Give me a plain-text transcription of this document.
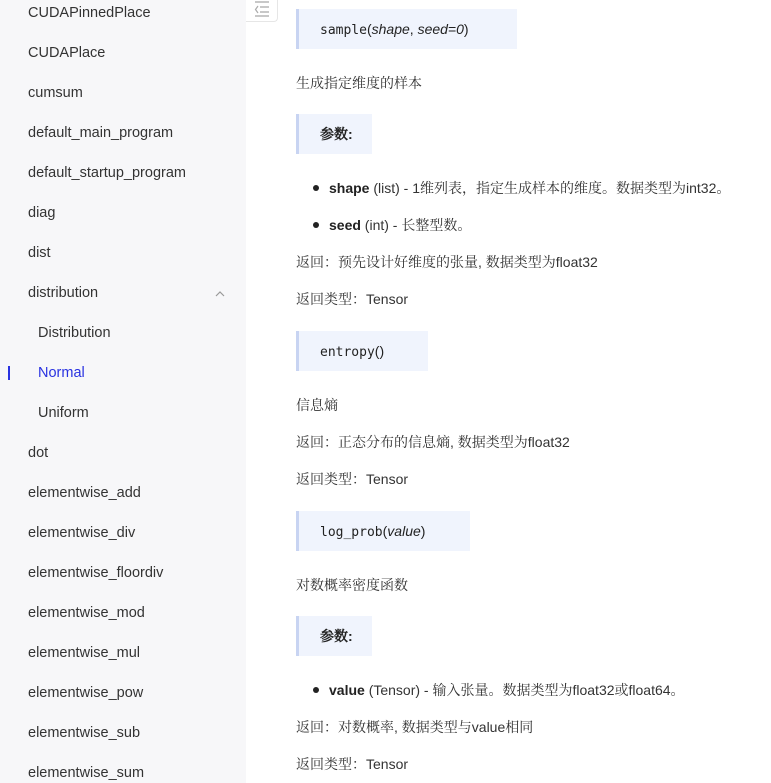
CUDAPinnedPlace
CUDAPlace
cumsum
default_main_program
default_startup_program
diag
dist
distribution
Distribution
Normal
Uniform
dot
elementwise_add
elementwise_div
elementwise_floordiv
elementwise_mod
elementwise_mul
elementwise_pow
elementwise_sub
elementwise_sum
sample(shape, seed=0)
生成指定维度的样本
参数:
shape (list) - 1维列表，指定生成样本的维度。数据类型为int32。
seed (int) - 长整型数。
返回：预先设计好维度的张量, 数据类型为float32
返回类型：Tensor
entropy()
信息熵
返回：正态分布的信息熵, 数据类型为float32
返回类型：Tensor
log_prob(value)
对数概率密度函数
参数:
value (Tensor) - 输入张量。数据类型为float32或float64。
返回：对数概率, 数据类型与value相同
返回类型：Tensor
